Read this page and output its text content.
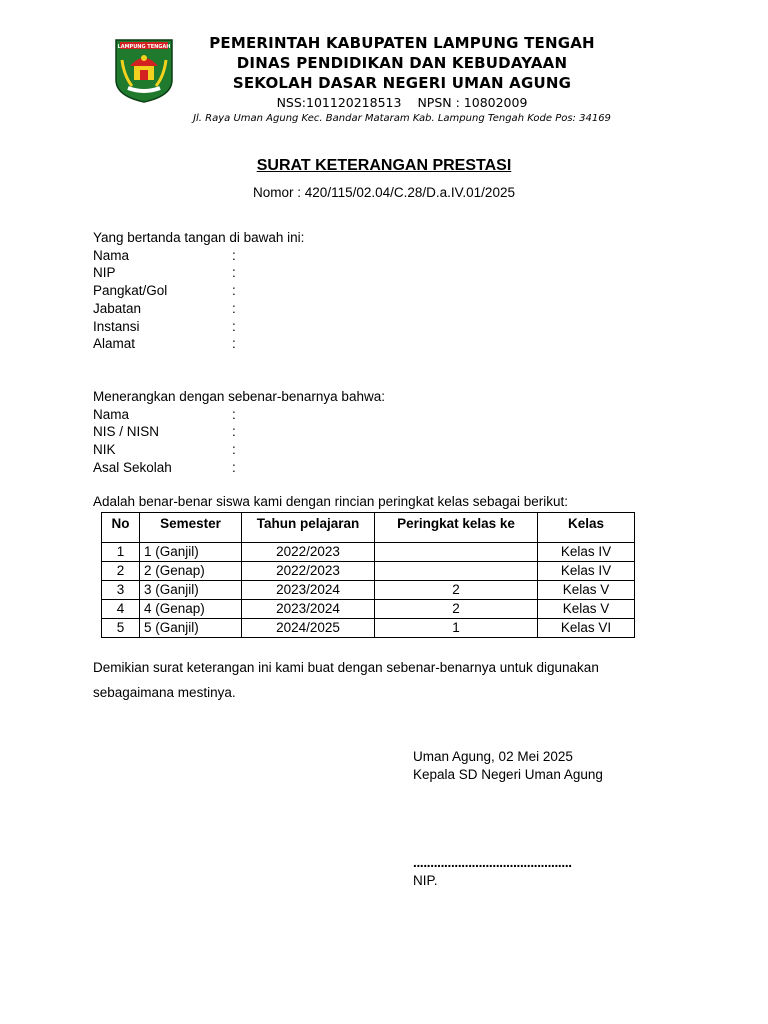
LAMPUNG TENGAH	PEMERINTAH KABUPATEN LAMPUNG TENGAH
DINAS PENDIDIKAN DAN KEBUDAYAAN
SEKOLAH DASAR NEGERI UMAN AGUNG
NSS:101120218513 NPSN : 10802009
Jl. Raya Uman Agung Kec. Bandar Mataram Kab. Lampung Tengah Kode Pos: 34169
SURAT KETERANGAN PRESTASI
Nomor : 420/115/02.04/C.28/D.a.IV.01/2025
Yang bertanda tangan di bawah ini:
Nama	:
NIP	:
Pangkat/Gol	:
Jabatan	:
Instansi	:
Alamat	:
Menerangkan dengan sebenar-benarnya bahwa:
Nama	:
NIS / NISN	:
NIK	:
Asal Sekolah	:
Adalah benar-benar siswa kami dengan rincian peringkat kelas sebagai berikut:
No	Semester	Tahun pelajaran	Peringkat kelas ke	Kelas
1	1 (Ganjil)	2022/2023		Kelas IV
2	2 (Genap)	2022/2023		Kelas IV
3	3 (Ganjil)	2023/2024	2	Kelas V
4	4 (Genap)	2023/2024	2	Kelas V
5	5 (Ganjil)	2024/2025	1	Kelas VI
Demikian surat keterangan ini kami buat dengan sebenar-benarnya untuk digunakan
sebagaimana mestinya.
Uman Agung, 02 Mei 2025
Kepala SD Negeri Uman Agung
..............................................
NIP.
